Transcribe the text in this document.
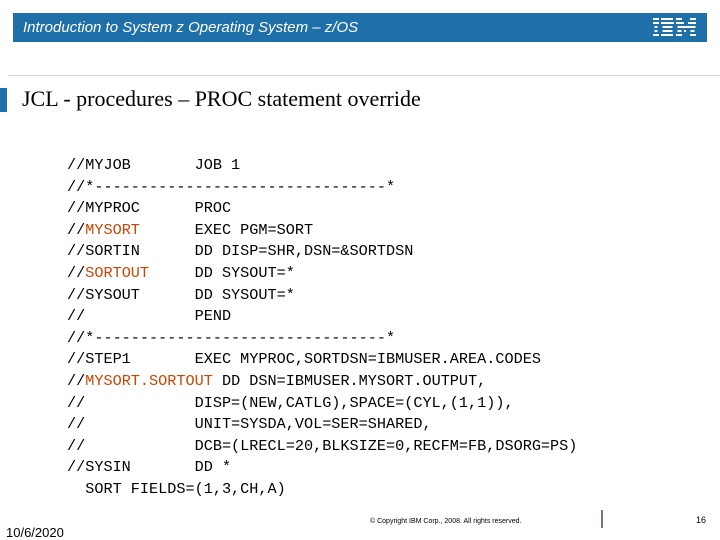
Introduction to System z Operating System – z/OS
JCL - procedures – PROC statement override
//MYJOB       JOB 1
//*--------------------------------*
//MYPROC      PROC
//MYSORT      EXEC PGM=SORT
//SORTIN      DD DISP=SHR,DSN=&SORTDSN
//SORTOUT     DD SYSOUT=*
//SYSOUT      DD SYSOUT=*
//            PEND
//*--------------------------------*
//STEP1       EXEC MYPROC,SORTDSN=IBMUSER.AREA.CODES
//MYSORT.SORTOUT DD DSN=IBMUSER.MYSORT.OUTPUT,
//            DISP=(NEW,CATLG),SPACE=(CYL,(1,1)),
//            UNIT=SYSDA,VOL=SER=SHARED,
//            DCB=(LRECL=20,BLKSIZE=0,RECFM=FB,DSORG=PS)
//SYSIN       DD *
SORT FIELDS=(1,3,CH,A)
10/6/2020
© Copyright IBM Corp., 2008. All rights reserved.	16
